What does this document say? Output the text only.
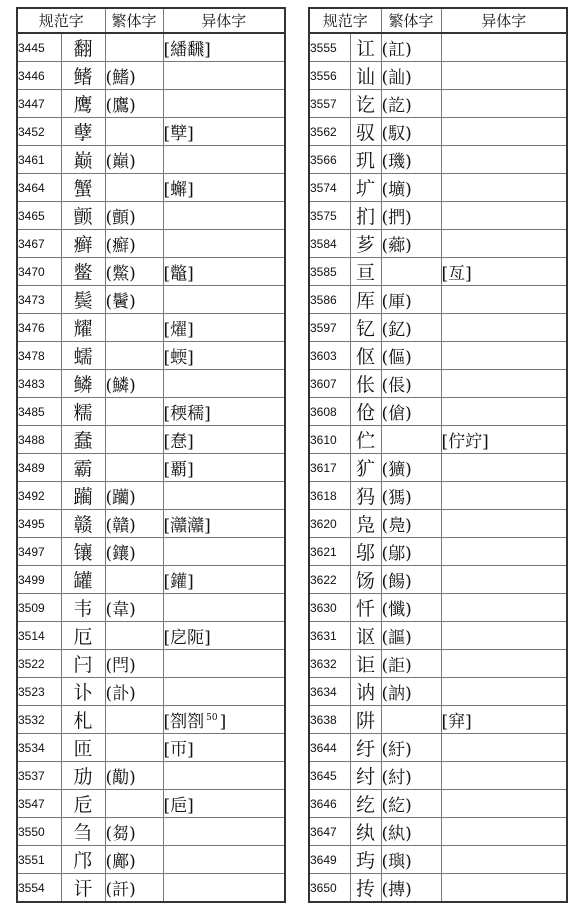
规范字		繁体字	异体字
3445	翻		[繙飜]
3446	鳍	(鰭)	
3447	鹰	(鷹)	
3452	孽		[孼]
3461	巅	(巔)	
3464	蟹		[蠏]
3465	颤	(顫)	
3467	癣	(癬)	
3470	鳖	(鱉)	[鼈]
3473	鬓	(鬢)	
3476	耀		[燿]
3478	蠕		[蝡]
3483	鳞	(鱗)	
3485	糯		[稬穤]
3488	蠢		[惷]
3489	霸		[覇]
3492	躏	(躪)	
3495	赣	(贛)	[灨灨]
3497	镶	(鑲)	
3499	罐		[鑵]
3509	韦	(韋)	
3514	厄		[戹阨]
3522	闩	(閂)	
3523	讣	(訃)	
3532	札		[劄劄 $^{50}$ ]
3534	匝		[帀]
3537	劢	(勱)	
3547	卮		[巵]
3550	刍	(芻)	
3551	邝	(鄺)	
3554	讦	(訐)	
规范字		繁体字	异体字
3555	讧	(訌)	
3556	讪	(訕)	
3557	讫	(訖)	
3562	驭	(馭)	
3566	玑	(璣)	
3574	圹	(壙)	
3575	扪	(捫)	
3584	芗	(薌)	
3585	亘		[亙]
3586	厍	(厙)	
3597	钇	(釔)	
3603	伛	(傴)	
3607	伥	(倀)	
3608	伧	(傖)	
3610	伫		[佇竚]
3617	犷	(獷)	
3618	犸	(獁)	
3620	凫	(鳧)	
3621	邬	(鄔)	
3622	饧	(餳)	
3630	忏	(懺)	
3631	讴	(謳)	
3632	讵	(詎)	
3634	讷	(訥)	
3638	阱		[穽]
3644	纡	(紆)	
3645	纣	(紂)	
3646	纥	(紇)	
3647	纨	(紈)	
3649	玙	(璵)	
3650	抟	(摶)	
